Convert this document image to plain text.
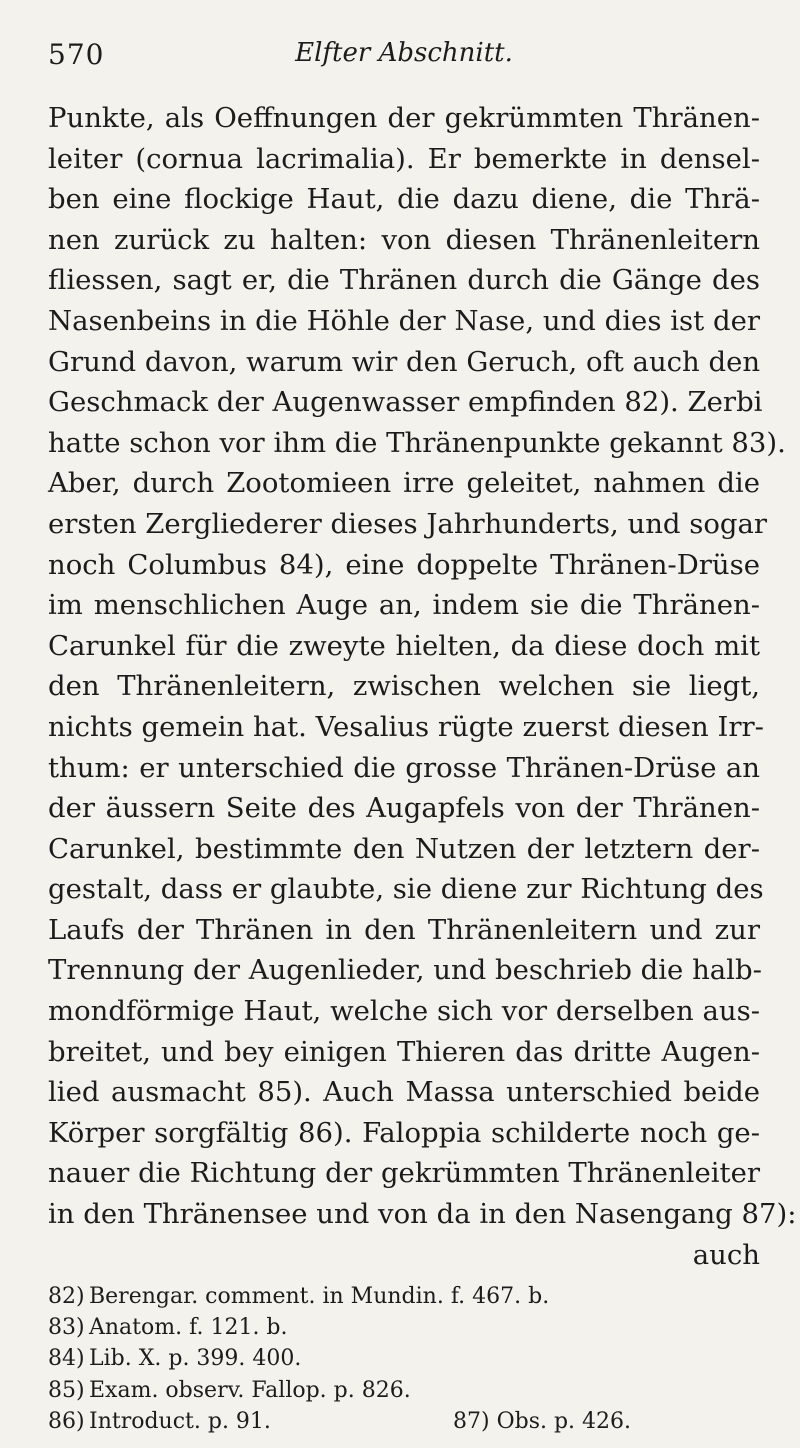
570	Elfter Abschnitt.
Punkte, als Oeffnungen der gekrümmten Thränen-
leiter (cornua lacrimalia). Er bemerkte in densel-
ben eine flockige Haut, die dazu diene, die Thrä-
nen zurück zu halten: von diesen Thränenleitern
fliessen, sagt er, die Thränen durch die Gänge des
Nasenbeins in die Höhle der Nase, und dies ist der
Grund davon, warum wir den Geruch, oft auch den
Geschmack der Augenwasser empfinden 82). Zerbi
hatte schon vor ihm die Thränenpunkte gekannt 83).
Aber, durch Zootomieen irre geleitet, nahmen die
ersten Zergliederer dieses Jahrhunderts, und sogar
noch Columbus 84), eine doppelte Thränen-Drüse
im menschlichen Auge an, indem sie die Thränen-
Carunkel für die zweyte hielten, da diese doch mit
den Thränenleitern, zwischen welchen sie liegt,
nichts gemein hat. Vesalius rügte zuerst diesen Irr-
thum: er unterschied die grosse Thränen-Drüse an
der äussern Seite des Augapfels von der Thränen-
Carunkel, bestimmte den Nutzen der letztern der-
gestalt, dass er glaubte, sie diene zur Richtung des
Laufs der Thränen in den Thränenleitern und zur
Trennung der Augenlieder, und beschrieb die halb-
mondförmige Haut, welche sich vor derselben aus-
breitet, und bey einigen Thieren das dritte Augen-
lied ausmacht 85). Auch Massa unterschied beide
Körper sorgfältig 86). Faloppia schilderte noch ge-
nauer die Richtung der gekrümmten Thränenleiter
in den Thränensee und von da in den Nasengang 87):
auch
82) Berengar. comment. in Mundin. f. 467. b.
83) Anatom. f. 121. b.
84) Lib. X. p. 399. 400.
85) Exam. observ. Fallop. p. 826.
86) Introduct. p. 91.	87) Obs. p. 426.
